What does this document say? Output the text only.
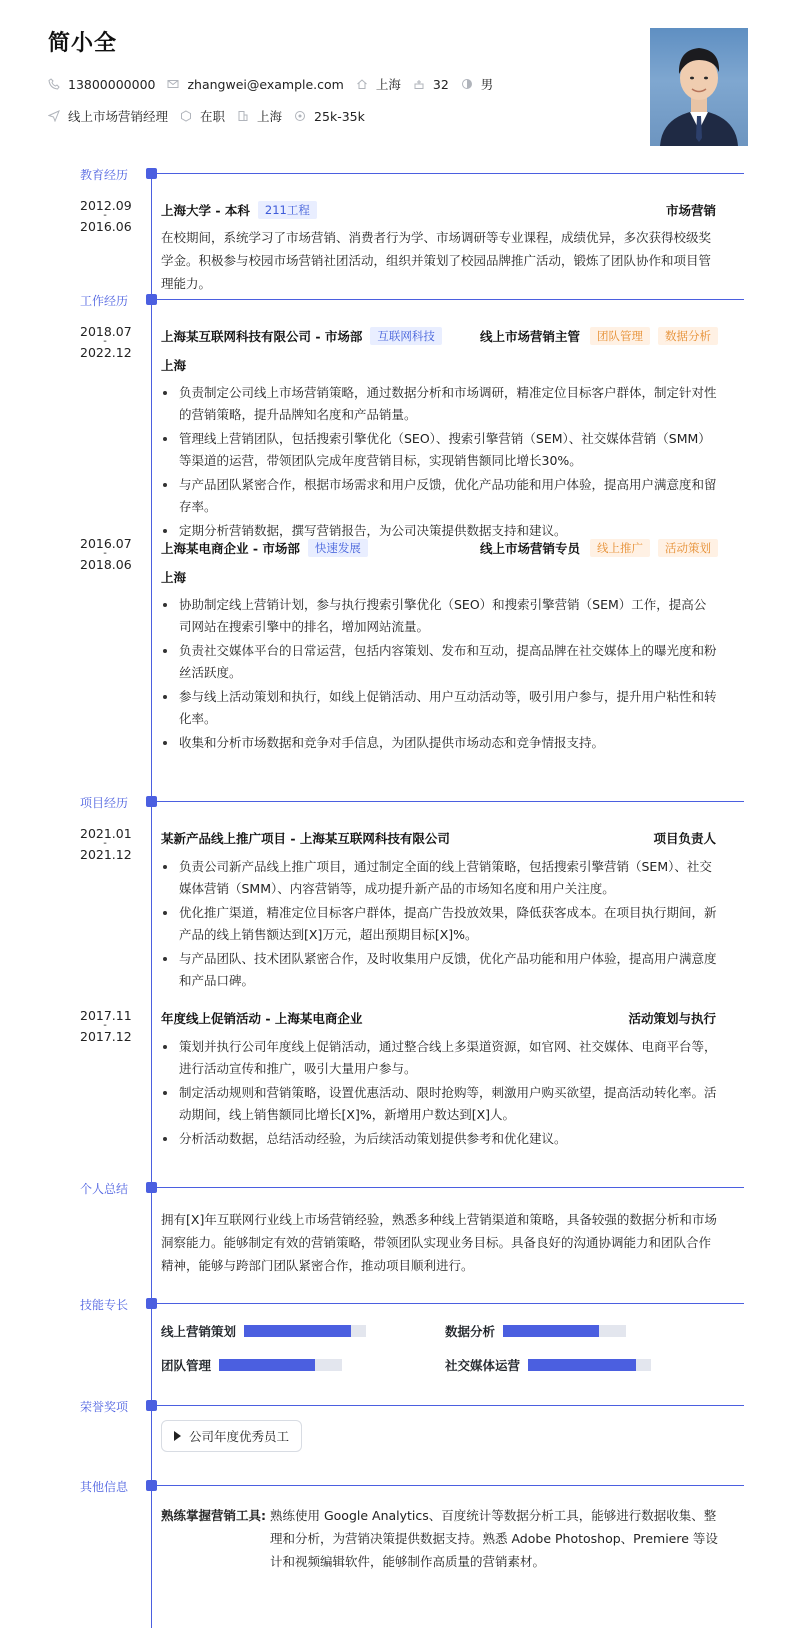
简小全
13800000000	zhangwei@example.com	上海	32	男
线上市场营销经理	在职	上海	25k-35k
教育经历
2012.09
-
2016.06
上海大学 - 本科	211工程	市场营销
在校期间，系统学习了市场营销、消费者行为学、市场调研等专业课程，成绩优异，多次获得校级奖学金。积极参与校园市场营销社团活动，组织并策划了校园品牌推广活动，锻炼了团队协作和项目管理能力。
工作经历
2018.07
-
2022.12
上海某互联网科技有限公司 - 市场部	互联网科技	线上市场营销主管	团队管理	数据分析
上海
负责制定公司线上市场营销策略，通过数据分析和市场调研，精准定位目标客户群体，制定针对性的营销策略，提升品牌知名度和产品销量。
管理线上营销团队，包括搜索引擎优化（SEO）、搜索引擎营销（SEM）、社交媒体营销（SMM）等渠道的运营，带领团队完成年度营销目标，实现销售额同比增长30%。
与产品团队紧密合作，根据市场需求和用户反馈，优化产品功能和用户体验，提高用户满意度和留存率。
定期分析营销数据，撰写营销报告，为公司决策提供数据支持和建议。
2016.07
-
2018.06
上海某电商企业 - 市场部	快速发展	线上市场营销专员	线上推广	活动策划
上海
协助制定线上营销计划，参与执行搜索引擎优化（SEO）和搜索引擎营销（SEM）工作，提高公司网站在搜索引擎中的排名，增加网站流量。
负责社交媒体平台的日常运营，包括内容策划、发布和互动，提高品牌在社交媒体上的曝光度和粉丝活跃度。
参与线上活动策划和执行，如线上促销活动、用户互动活动等，吸引用户参与，提升用户粘性和转化率。
收集和分析市场数据和竞争对手信息，为团队提供市场动态和竞争情报支持。
项目经历
2021.01
-
2021.12
某新产品线上推广项目 - 上海某互联网科技有限公司	项目负责人
负责公司新产品线上推广项目，通过制定全面的线上营销策略，包括搜索引擎营销（SEM）、社交媒体营销（SMM）、内容营销等，成功提升新产品的市场知名度和用户关注度。
优化推广渠道，精准定位目标客户群体，提高广告投放效果，降低获客成本。在项目执行期间，新产品的线上销售额达到[X]万元，超出预期目标[X]%。
与产品团队、技术团队紧密合作，及时收集用户反馈，优化产品功能和用户体验，提高用户满意度和产品口碑。
2017.11
-
2017.12
年度线上促销活动 - 上海某电商企业	活动策划与执行
策划并执行公司年度线上促销活动，通过整合线上多渠道资源，如官网、社交媒体、电商平台等，进行活动宣传和推广，吸引大量用户参与。
制定活动规则和营销策略，设置优惠活动、限时抢购等，刺激用户购买欲望，提高活动转化率。活动期间，线上销售额同比增长[X]%，新增用户数达到[X]人。
分析活动数据，总结活动经验，为后续活动策划提供参考和优化建议。
个人总结
拥有[X]年互联网行业线上市场营销经验，熟悉多种线上营销渠道和策略，具备较强的数据分析和市场洞察能力。能够制定有效的营销策略，带领团队实现业务目标。具备良好的沟通协调能力和团队合作精神，能够与跨部门团队紧密合作，推动项目顺利进行。
技能专长
线上营销策划	数据分析
团队管理	社交媒体运营
荣誉奖项
公司年度优秀员工
其他信息
熟练掌握营销工具: 熟练使用 Google Analytics、百度统计等数据分析工具，能够进行数据收集、整理和分析，为营销决策提供数据支持。熟悉 Adobe Photoshop、Premiere 等设计和视频编辑软件，能够制作高质量的营销素材。
